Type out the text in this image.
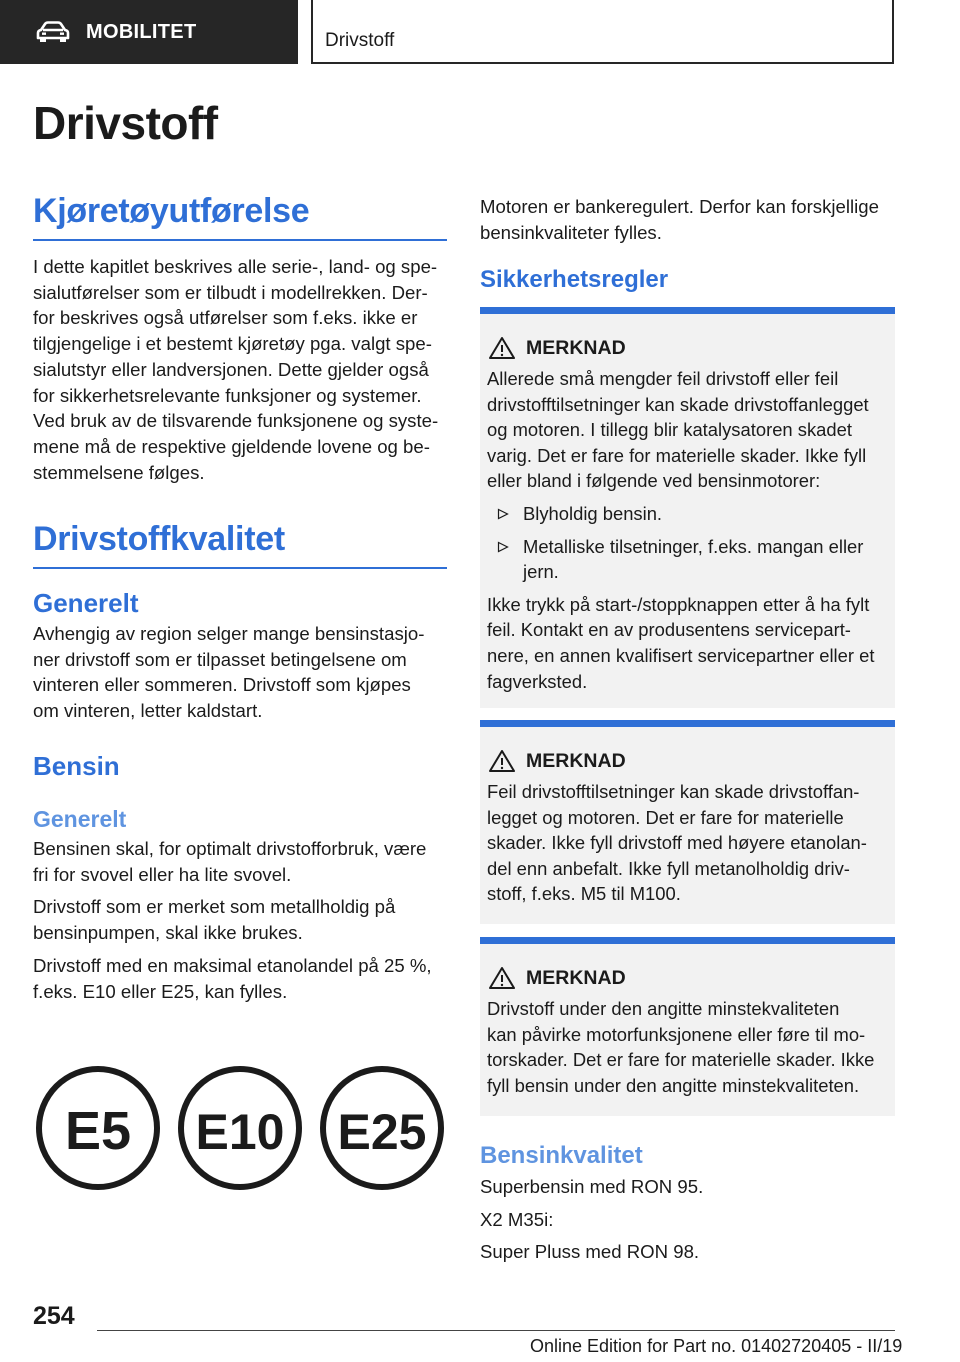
MOBILITET	Drivstoff
Drivstoff
Kjøretøyutførelse

I dette kapitlet beskrives alle serie-, land- og spe-
sialutførelser som er tilbudt i modellrekken. Der-
for beskrives også utførelser som f.eks. ikke er
tilgjengelige i et bestemt kjøretøy pga. valgt spe-
sialutstyr eller landversjonen. Dette gjelder også
for sikkerhetsrelevante funksjoner og systemer.
Ved bruk av de tilsvarende funksjonene og syste-
mene må de respektive gjeldende lovene og be-
stemmelsene følges.

Drivstoffkvalitet
Generelt

Avhengig av region selger mange bensinstasjo-
ner drivstoff som er tilpasset betingelsene om
vinteren eller sommeren. Drivstoff som kjøpes
om vinteren, letter kaldstart.

Bensin
Generelt

Bensinen skal, for optimalt drivstofforbruk, være
fri for svovel eller ha lite svovel.

Drivstoff som er merket som metallholdig på
bensinpumpen, skal ikke brukes.

Drivstoff med en maksimal etanolandel på 25 %,
f.eks. E10 eller E25, kan fylles.

E5 E10 E25

Motoren er bankeregulert. Derfor kan forskjellige
bensinkvaliteter fylles.

Sikkerhetsregler
MERKNAD

Allerede små mengder feil drivstoff eller feil
drivstofftilsetninger kan skade drivstoffanlegget
og motoren. I tillegg blir katalysatoren skadet
varig. Det er fare for materielle skader. Ikke fyll
eller bland i følgende ved bensinmotorer:

Blyholdig bensin.
Metalliske tilsetninger, f.eks. mangan eller
jern.

Ikke trykk på start-/stoppknappen etter å ha fylt
feil. Kontakt en av produsentens servicepart-
nere, en annen kvalifisert servicepartner eller et
fagverksted.

MERKNAD

Feil drivstofftilsetninger kan skade drivstoffan-
legget og motoren. Det er fare for materielle
skader. Ikke fyll drivstoff med høyere etanolan-
del enn anbefalt. Ikke fyll metanolholdig driv-
stoff, f.eks. M5 til M100.

MERKNAD

Drivstoff under den angitte minstekvaliteten
kan påvirke motorfunksjonene eller føre til mo-
torskader. Det er fare for materielle skader. Ikke
fyll bensin under den angitte minstekvaliteten.

Bensinkvalitet

Superbensin med RON 95.

X2 M35i:

Super Pluss med RON 98.

254
Online Edition for Part no. 01402720405 - II/19
